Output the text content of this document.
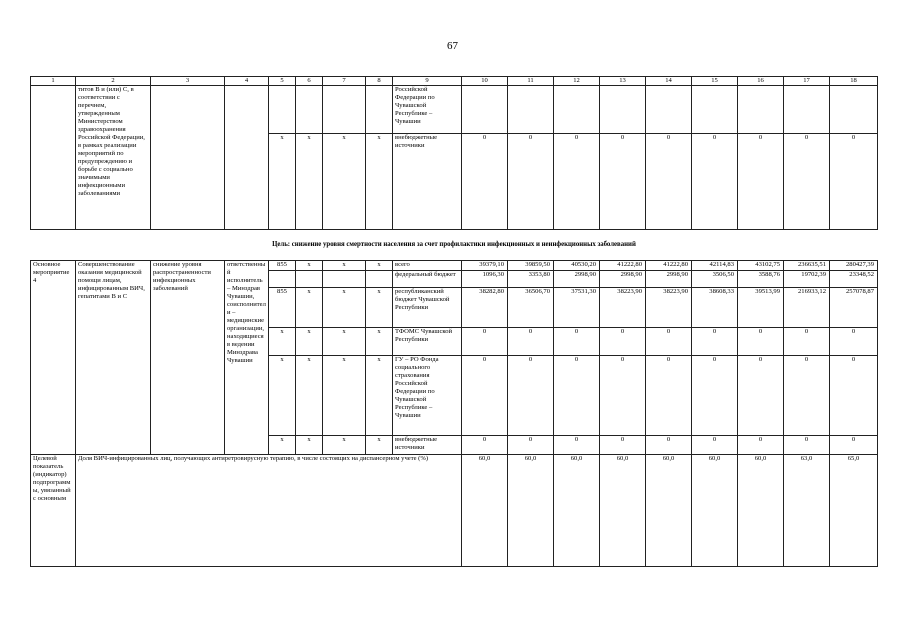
67
1	2	3	4	5	6	7	8	9	10	11	12	13	14	15	16	17	18
	титов В и (или) С, в соответствии с перечнем, утвержденным Министерством здравоохранения Российской Федерации, в рамках реализации мероприятий по предупреждению и борьбе с социально значимыми инфекционными заболеваниями							Российской Федерации по Чувашской Республике – Чувашии									
				х	х	х	х	внебюджетные источники	0	0	0	0	0	0	0	0	0
Цель: снижение уровня смертности населения за счет профилактики инфекционных и неинфекционных заболеваний																	
Основное мероприятие 4	Совершенствование оказания медицинской помощи лицам, инфицированным ВИЧ, гепатитами В и С	снижение уровня распространенности инфекционных заболеваний	ответственный исполнитель – Минздрав Чувашии, соисполнители – медицинские организации, находящиеся в ведении Минздрава Чувашии	855	х	х	х	всего	39379,10	39859,50	40530,20	41222,80	41222,80	42114,83	43102,75	236635,51	280427,39
								федеральный бюджет	1096,30	3353,80	2998,90	2998,90	2998,90	3506,50	3588,76	19702,39	23348,52
				855	х	х	х	республиканский бюджет Чувашской Республики	38282,80	36506,70	37531,30	38223,90	38223,90	38608,33	39513,99	216933,12	257078,87
				х	х	х	х	ТФОМС Чувашской Республики	0	0	0	0	0	0	0	0	0
				х	х	х	х	ГУ – РО Фонда социального страхования Российской Федерации по Чувашской Республике – Чувашии	0	0	0	0	0	0	0	0	0
				х	х	х	х	внебюджетные источники	0	0	0	0	0	0	0	0	0
Целевой показатель (индикатор) подпрограммы, увязанный с основным	Доля ВИЧ-инфицированных лиц, получающих антиретровирусную терапию, в числе состоящих на диспансерном учете (%)								60,0	60,0	60,0	60,0	60,0	60,0	60,0	63,0	65,0
